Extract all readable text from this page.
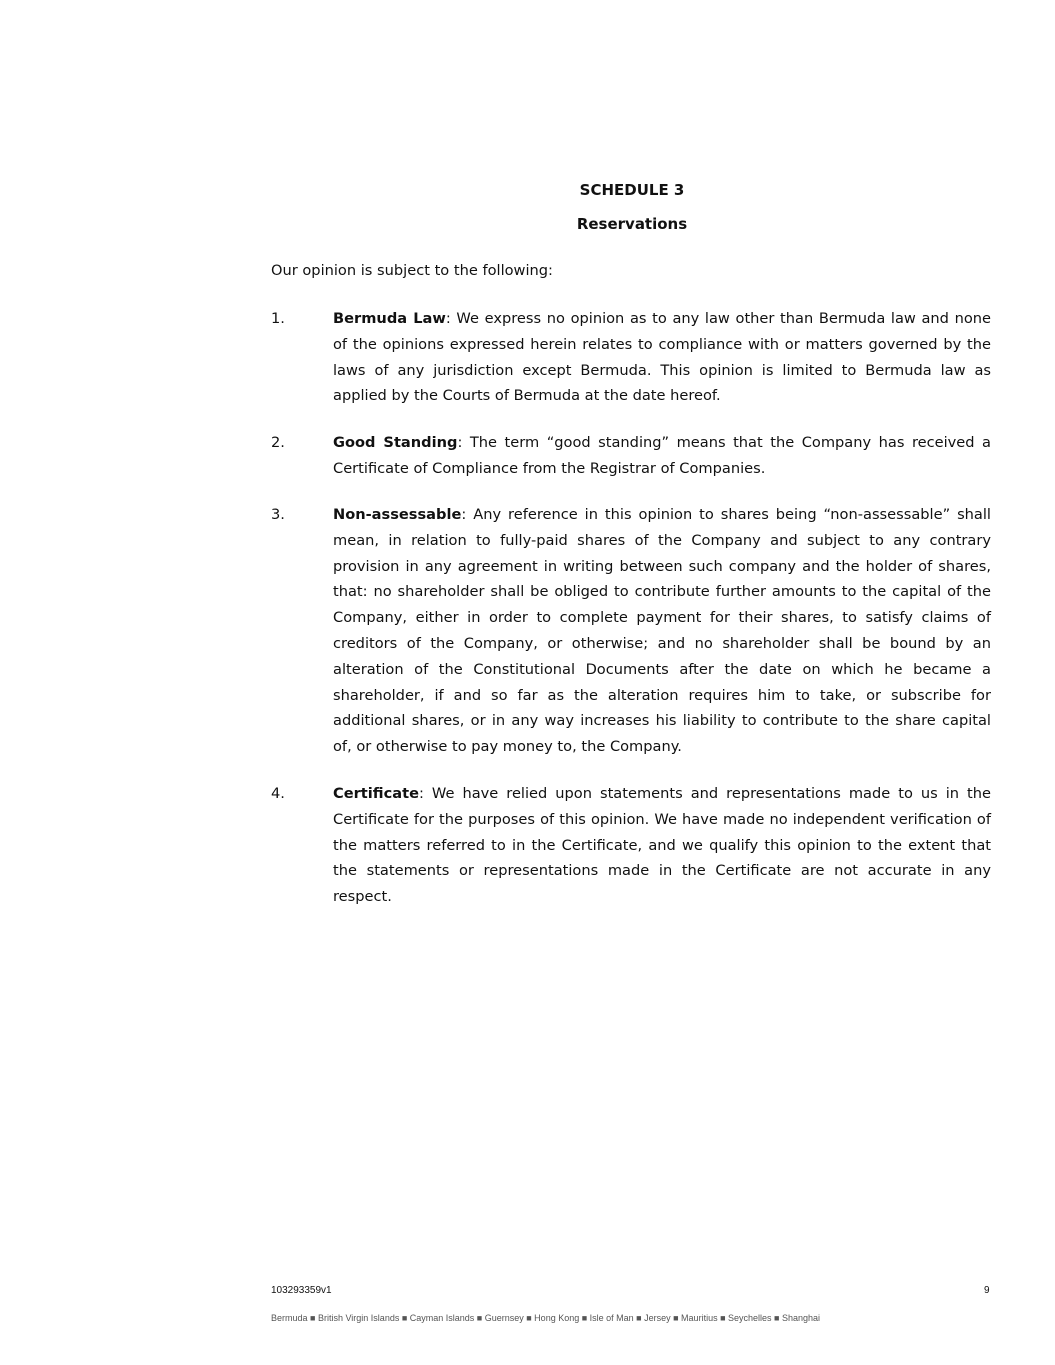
SCHEDULE 3
Reservations
Our opinion is subject to the following:
1.	Bermuda Law: We express no opinion as to any law other than Bermuda law and none of the opinions expressed herein relates to compliance with or matters governed by the laws of any jurisdiction except Bermuda. This opinion is limited to Bermuda law as applied by the Courts of Bermuda at the date hereof.
2.	Good Standing: The term “good standing” means that the Company has received a Certificate of Compliance from the Registrar of Companies.
3.	Non-assessable: Any reference in this opinion to shares being “non-assessable” shall mean, in relation to fully-paid shares of the Company and subject to any contrary provision in any agreement in writing between such company and the holder of shares, that: no shareholder shall be obliged to contribute further amounts to the capital of the Company, either in order to complete payment for their shares, to satisfy claims of creditors of the Company, or otherwise; and no shareholder shall be bound by an alteration of the Constitutional Documents after the date on which he became a shareholder, if and so far as the alteration requires him to take, or subscribe for additional shares, or in any way increases his liability to contribute to the share capital of, or otherwise to pay money to, the Company.
4.	Certificate: We have relied upon statements and representations made to us in the Certificate for the purposes of this opinion. We have made no independent verification of the matters referred to in the Certificate, and we qualify this opinion to the extent that the statements or representations made in the Certificate are not accurate in any respect.
103293359v1	9
Bermuda ■ British Virgin Islands ■ Cayman Islands ■ Guernsey ■ Hong Kong ■ Isle of Man ■ Jersey ■ Mauritius ■ Seychelles ■ Shanghai
